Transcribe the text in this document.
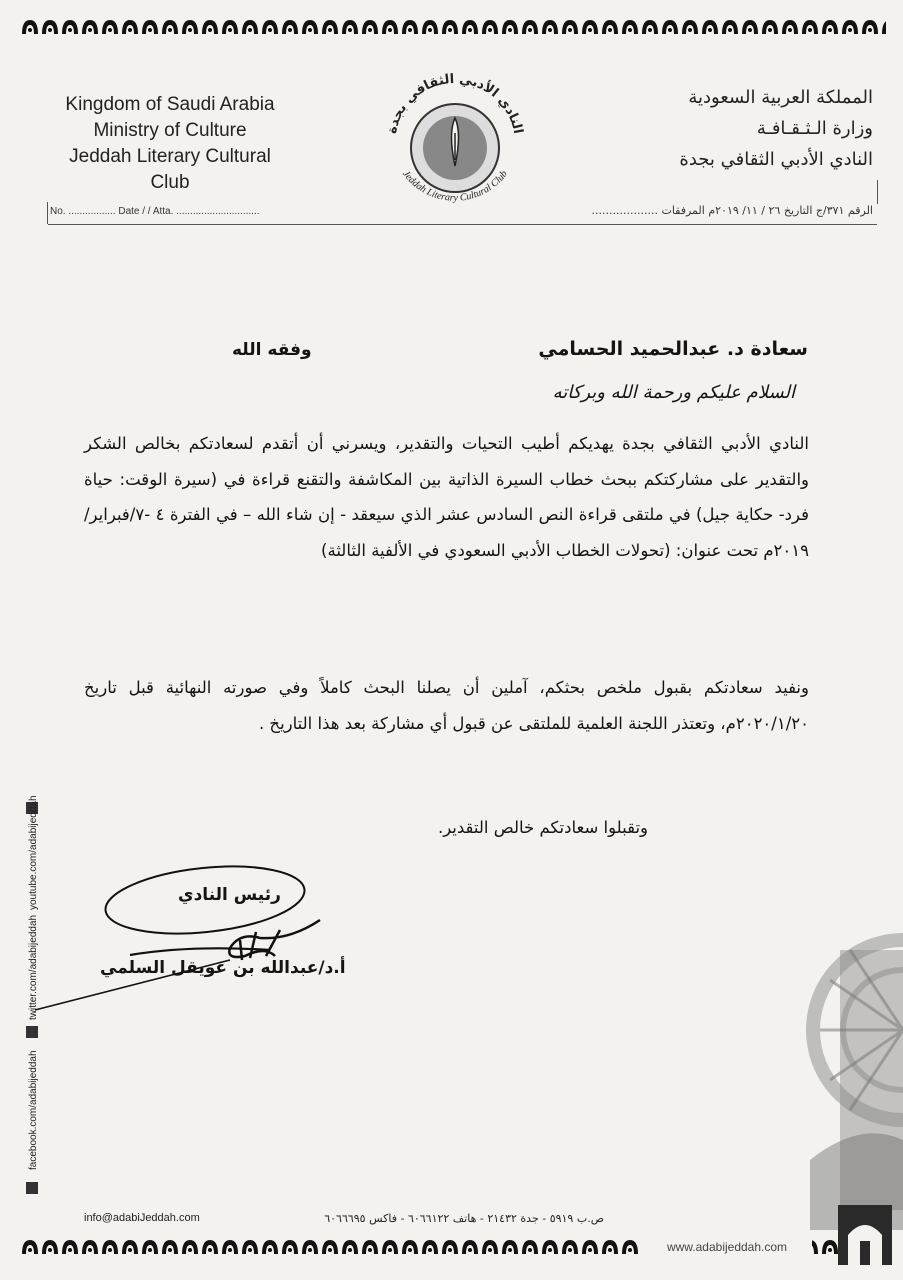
Kingdom of Saudi Arabia
Ministry of Culture
Jeddah Literary Cultural Club
النادي الأدبي الثقافي بجدة
Jeddah Literary Cultural Club
المملكة العربية السعودية
وزارة الـثـقـافـة
النادي الأدبي الثقافي بجدة
No. ................. Date / / Atta. ..............................	الرقم ٣٧١/ج التاريخ ٢٦ / ١١/ ٢٠١٩م المرفقات ...................
سعادة د. عبدالحميد الحسامي
وفقه الله
السلام عليكم ورحمة الله وبركاته
النادي الأدبي الثقافي بجدة يهديكم أطيب التحيات والتقدير، ويسرني أن أتقدم لسعادتكم بخالص الشكر والتقدير على مشاركتكم ببحث خطاب السيرة الذاتية بين المكاشفة والتقنع قراءة في (سيرة الوقت: حياة فرد- حكاية جيل) في ملتقى قراءة النص السادس عشر الذي سيعقد - إن شاء الله – في الفترة ٤ -٧/فبراير/٢٠١٩م تحت عنوان: (تحولات الخطاب الأدبي السعودي في الألفية الثالثة)
ونفيد سعادتكم بقبول ملخص بحثكم، آملين أن يصلنا البحث كاملاً وفي صورته النهائية قبل تاريخ ٢٠٢٠/١/٢٠م، وتعتذر اللجنة العلمية للملتقى عن قبول أي مشاركة بعد هذا التاريخ .
وتقبلوا سعادتكم خالص التقدير.
رئيس النادي
أ.د/عبدالله بن عويقل السلمي
facebook.com/adabijeddah
twitter.com/adabijeddah
youtube.com/adabijeddah
info@adabiJeddah.com	ص.ب ٥٩١٩ - جدة ٢١٤٣٢ - هاتف ٦٠٦٦١٢٢ - فاكس ٦٠٦٦٦٩٥
www.adabijeddah.com
